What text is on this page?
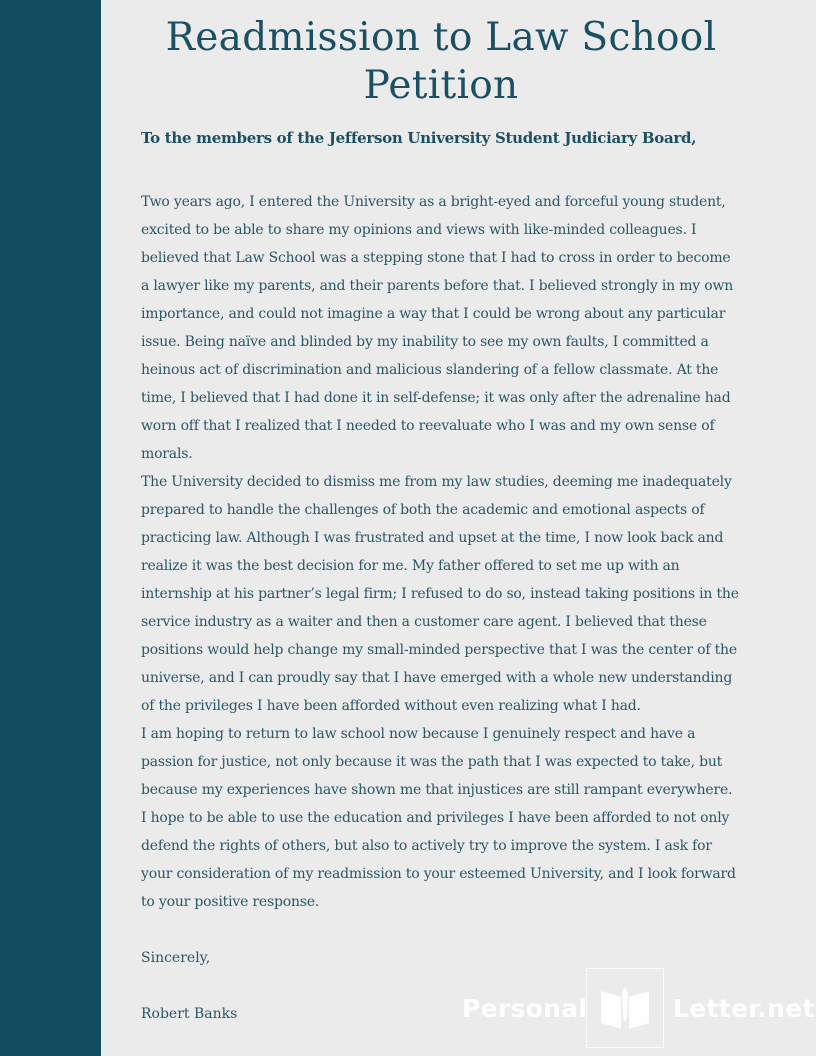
Readmission to Law School Petition
To the members of the Jefferson University Student Judiciary Board,

Two years ago, I entered the University as a bright-eyed and forceful young student, excited to be able to share my opinions and views with like-minded colleagues. I believed that Law School was a stepping stone that I had to cross in order to become a lawyer like my parents, and their parents before that. I believed strongly in my own importance, and could not imagine a way that I could be wrong about any particular issue. Being naïve and blinded by my inability to see my own faults, I committed a heinous act of discrimination and malicious slandering of a fellow classmate. At the time, I believed that I had done it in self-defense; it was only after the adrenaline had worn off that I realized that I needed to reevaluate who I was and my own sense of morals.

The University decided to dismiss me from my law studies, deeming me inadequately prepared to handle the challenges of both the academic and emotional aspects of practicing law. Although I was frustrated and upset at the time, I now look back and realize it was the best decision for me. My father offered to set me up with an internship at his partner’s legal firm; I refused to do so, instead taking positions in the service industry as a waiter and then a customer care agent. I believed that these positions would help change my small-minded perspective that I was the center of the universe, and I can proudly say that I have emerged with a whole new understanding of the privileges I have been afforded without even realizing what I had.

I am hoping to return to law school now because I genuinely respect and have a passion for justice, not only because it was the path that I was expected to take, but because my experiences have shown me that injustices are still rampant everywhere. I hope to be able to use the education and privileges I have been afforded to not only defend the rights of others, but also to actively try to improve the system. I ask for your consideration of my readmission to your esteemed University, and I look forward to your positive response.

Sincerely,
Robert Banks	Personal	Letter.net
